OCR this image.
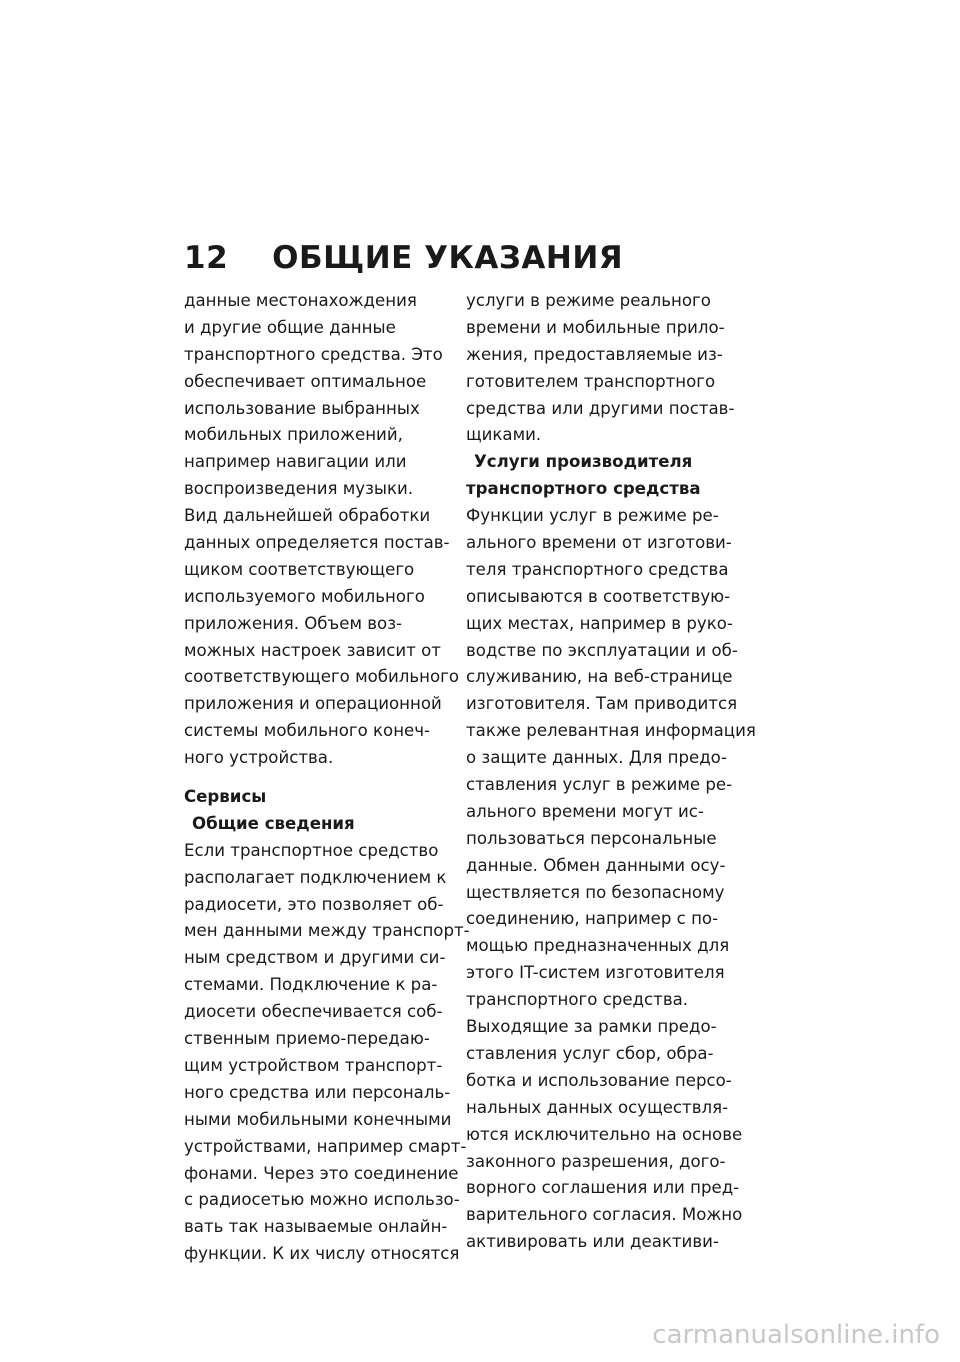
12 ОБЩИЕ УКАЗАНИЯ
данные местонахождения
и другие общие данные
транспортного средства. Это
обеспечивает оптимальное
использование выбранных
мобильных приложений,
например навигации или
воспроизведения музыки.
Вид дальнейшей обработки
данных определяется постав‐
щиком соответствующего
используемого мобильного
приложения. Объем воз‐
можных настроек зависит от
соответствующего мобильного
приложения и операционной
системы мобильного конеч‐
ного устройства.
Сервисы
Общие сведения
Если транспортное средство
располагает подключением к
радиосети, это позволяет об‐
мен данными между транспорт‐
ным средством и другими си‐
стемами. Подключение к ра‐
диосети обеспечивается соб‐
ственным приемо-передаю‐
щим устройством транспорт‐
ного средства или персональ‐
ными мобильными конечными
устройствами, например смарт‐
фонами. Через это соединение
с радиосетью можно использо‐
вать так называемые онлайн-
функции. К их числу относятся
услуги в режиме реального
времени и мобильные прило‐
жения, предоставляемые из‐
готовителем транспортного
средства или другими постав‐
щиками.
Услуги производителя
транспортного средства
Функции услуг в режиме ре‐
ального времени от изготови‐
теля транспортного средства
описываются в соответствую‐
щих местах, например в руко‐
водстве по эксплуатации и об‐
служиванию, на веб-странице
изготовителя. Там приводится
также релевантная информация
о защите данных. Для предо‐
ставления услуг в режиме ре‐
ального времени могут ис‐
пользоваться персональные
данные. Обмен данными осу‐
ществляется по безопасному
соединению, например с по‐
мощью предназначенных для
этого IT-систем изготовителя
транспортного средства.
Выходящие за рамки предо‐
ставления услуг сбор, обра‐
ботка и использование персо‐
нальных данных осуществля‐
ются исключительно на основе
законного разрешения, дого‐
ворного соглашения или пред‐
варительного согласия. Можно
активировать или деактиви‐
carmanualsonline.info
